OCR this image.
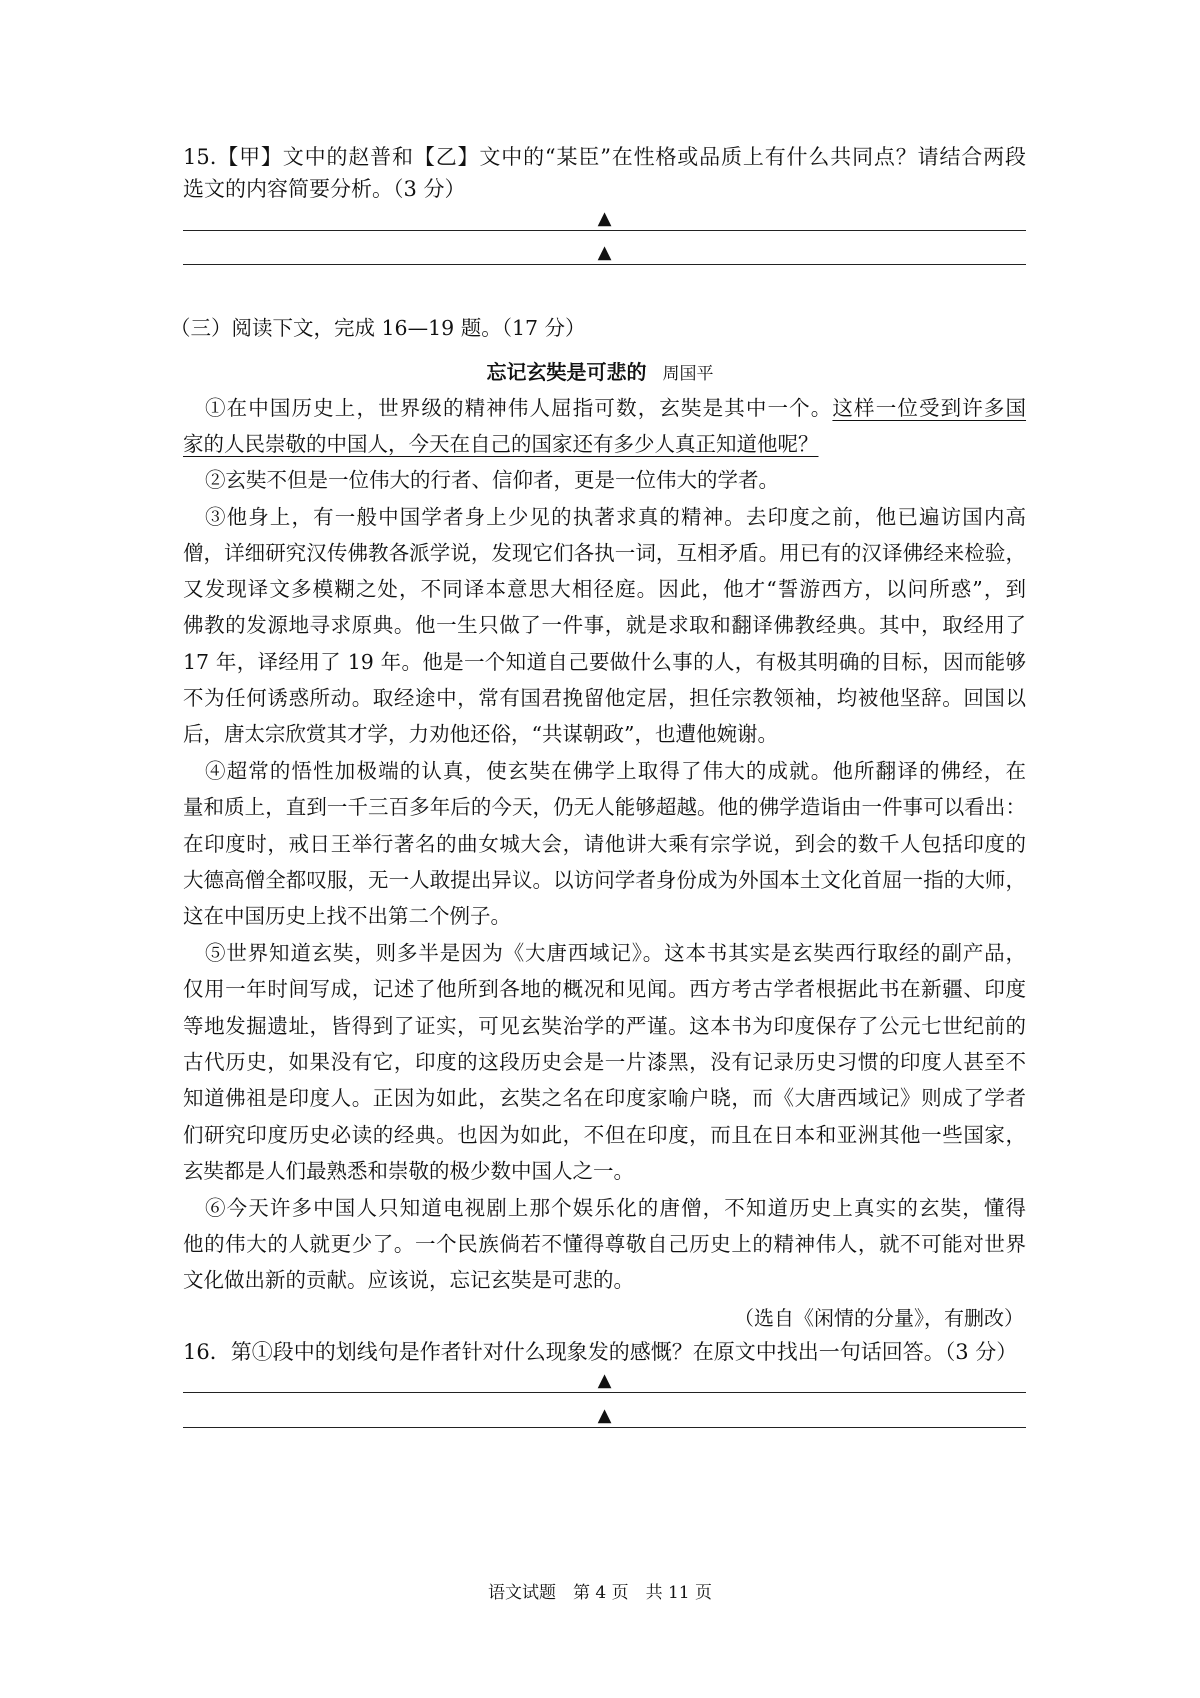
15.【甲】文中的赵普和【乙】文中的“某臣”在性格或品质上有什么共同点？请结合两段
选文的内容简要分析。（3 分）
▲
▲
（三）阅读下文，完成 16—19 题。（17 分）
忘记玄奘是可悲的 周国平
①在中国历史上，世界级的精神伟人屈指可数，玄奘是其中一个。这样一位受到许多国
家的人民崇敬的中国人，今天在自己的国家还有多少人真正知道他呢？
②玄奘不但是一位伟大的行者、信仰者，更是一位伟大的学者。
③他身上，有一般中国学者身上少见的执著求真的精神。去印度之前，他已遍访国内高
僧，详细研究汉传佛教各派学说，发现它们各执一词，互相矛盾。用已有的汉译佛经来检验，
又发现译文多模糊之处，不同译本意思大相径庭。因此，他才“誓游西方，以问所惑”，到
佛教的发源地寻求原典。他一生只做了一件事，就是求取和翻译佛教经典。其中，取经用了
17 年，译经用了 19 年。他是一个知道自己要做什么事的人，有极其明确的目标，因而能够
不为任何诱惑所动。取经途中，常有国君挽留他定居，担任宗教领袖，均被他坚辞。回国以
后，唐太宗欣赏其才学，力劝他还俗，“共谋朝政”，也遭他婉谢。
④超常的悟性加极端的认真，使玄奘在佛学上取得了伟大的成就。他所翻译的佛经，在
量和质上，直到一千三百多年后的今天，仍无人能够超越。他的佛学造诣由一件事可以看出：
在印度时，戒日王举行著名的曲女城大会，请他讲大乘有宗学说，到会的数千人包括印度的
大德高僧全都叹服，无一人敢提出异议。以访问学者身份成为外国本土文化首屈一指的大师，
这在中国历史上找不出第二个例子。
⑤世界知道玄奘，则多半是因为《大唐西域记》。这本书其实是玄奘西行取经的副产品，
仅用一年时间写成，记述了他所到各地的概况和见闻。西方考古学者根据此书在新疆、印度
等地发掘遗址，皆得到了证实，可见玄奘治学的严谨。这本书为印度保存了公元七世纪前的
古代历史，如果没有它，印度的这段历史会是一片漆黑，没有记录历史习惯的印度人甚至不
知道佛祖是印度人。正因为如此，玄奘之名在印度家喻户晓，而《大唐西域记》则成了学者
们研究印度历史必读的经典。也因为如此，不但在印度，而且在日本和亚洲其他一些国家，
玄奘都是人们最熟悉和崇敬的极少数中国人之一。
⑥今天许多中国人只知道电视剧上那个娱乐化的唐僧，不知道历史上真实的玄奘，懂得
他的伟大的人就更少了。一个民族倘若不懂得尊敬自己历史上的精神伟人，就不可能对世界
文化做出新的贡献。应该说，忘记玄奘是可悲的。
（选自《闲情的分量》，有删改）
16．第①段中的划线句是作者针对什么现象发的感慨？在原文中找出一句话回答。（3 分）
▲
▲
语文试题　第 4 页　共 11 页
